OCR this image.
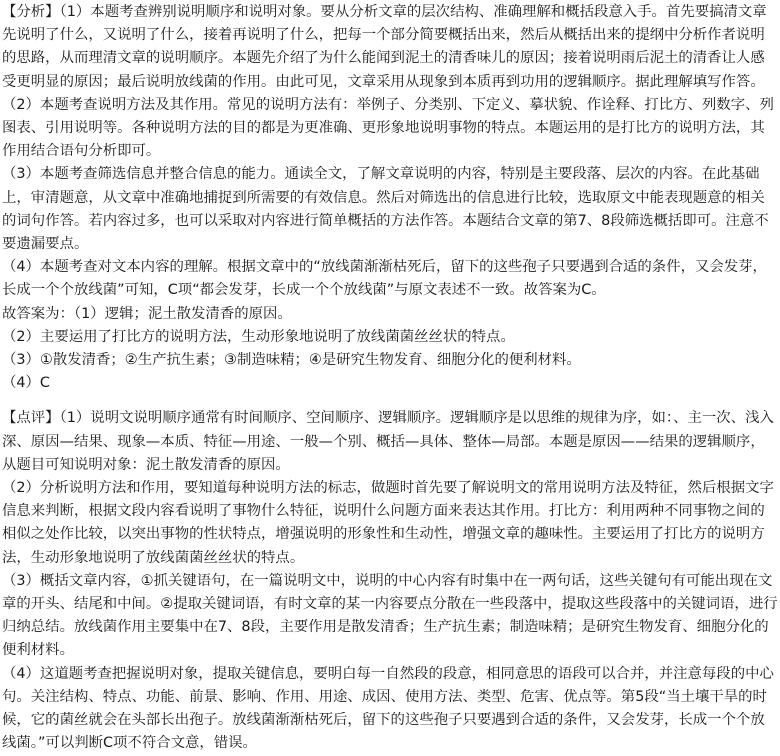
【分析】（1）本题考查辨别说明顺序和说明对象。要从分析文章的层次结构、准确理解和概括段意入手。首先要搞清文章先说明了什么，又说明了什么，接着再说明了什么，把每一个部分简要概括出来，然后从概括出来的提纲中分析作者说明的思路，从而理清文章的说明顺序。本题先介绍了为什么能闻到泥土的清香味儿的原因；接着说明雨后泥土的清香让人感受更明显的原因；最后说明放线菌的作用。由此可见，文章采用从现象到本质再到功用的逻辑顺序。据此理解填写作答。
（2）本题考查说明方法及其作用。常见的说明方法有：举例子、分类别、下定义、摹状貌、作诠释、打比方、列数字、列图表、引用说明等。各种说明方法的目的都是为更准确、更形象地说明事物的特点。本题运用的是打比方的说明方法，其作用结合语句分析即可。
（3）本题考查筛选信息并整合信息的能力。通读全文，了解文章说明的内容，特别是主要段落、层次的内容。在此基础上，审清题意，从文章中准确地捕捉到所需要的有效信息。然后对筛选出的信息进行比较，选取原文中能表现题意的相关的词句作答。若内容过多，也可以采取对内容进行简单概括的方法作答。本题结合文章的第7、8段筛选概括即可。注意不要遗漏要点。
（4）本题考查对文本内容的理解。根据文章中的“放线菌渐渐枯死后，留下的这些孢子只要遇到合适的条件，又会发芽，长成一个个放线菌”可知，C项“都会发芽，长成一个个放线菌”与原文表述不一致。故答案为C。
故答案为：（1）逻辑；泥土散发清香的原因。
（2）主要运用了打比方的说明方法，生动形象地说明了放线菌菌丝丝状的特点。
（3）①散发清香；②生产抗生素；③制造味精；④是研究生物发育、细胞分化的便利材料。
（4）C
【点评】（1）说明文说明顺序通常有时间顺序、空间顺序、逻辑顺序。逻辑顺序是以思维的规律为序，如：、主一次、浅入深、原因—结果、现象—本质、特征—用途、一般—个别、概括—具体、整体—局部。本题是原因——结果的逻辑顺序，从题目可知说明对象：泥土散发清香的原因。
（2）分析说明方法和作用，要知道每种说明方法的标志，做题时首先要了解说明文的常用说明方法及特征，然后根据文字信息来判断，根据文段内容看说明了事物什么特征，说明什么问题方面来表达其作用。打比方：利用两种不同事物之间的相似之处作比较，以突出事物的性状特点，增强说明的形象性和生动性，增强文章的趣味性。主要运用了打比方的说明方法，生动形象地说明了放线菌菌丝丝状的特点。
（3）概括文章内容，①抓关键语句，在一篇说明文中，说明的中心内容有时集中在一两句话，这些关键句有可能出现在文章的开头、结尾和中间。②提取关键词语，有时文章的某一内容要点分散在一些段落中，提取这些段落中的关键词语，进行归纳总结。放线菌作用主要集中在7、8段，主要作用是散发清香；生产抗生素；制造味精；是研究生物发育、细胞分化的便利材料。
（4）这道题考查把握说明对象，提取关键信息，要明白每一自然段的段意，相同意思的语段可以合并，并注意每段的中心句。关注结构、特点、功能、前景、影响、作用、用途、成因、使用方法、类型、危害、优点等。第5段“当土壤干旱的时候，它的菌丝就会在头部长出孢子。放线菌渐渐枯死后，留下的这些孢子只要遇到合适的条件，又会发芽，长成一个个放线菌。”可以判断C项不符合文意，错误。
